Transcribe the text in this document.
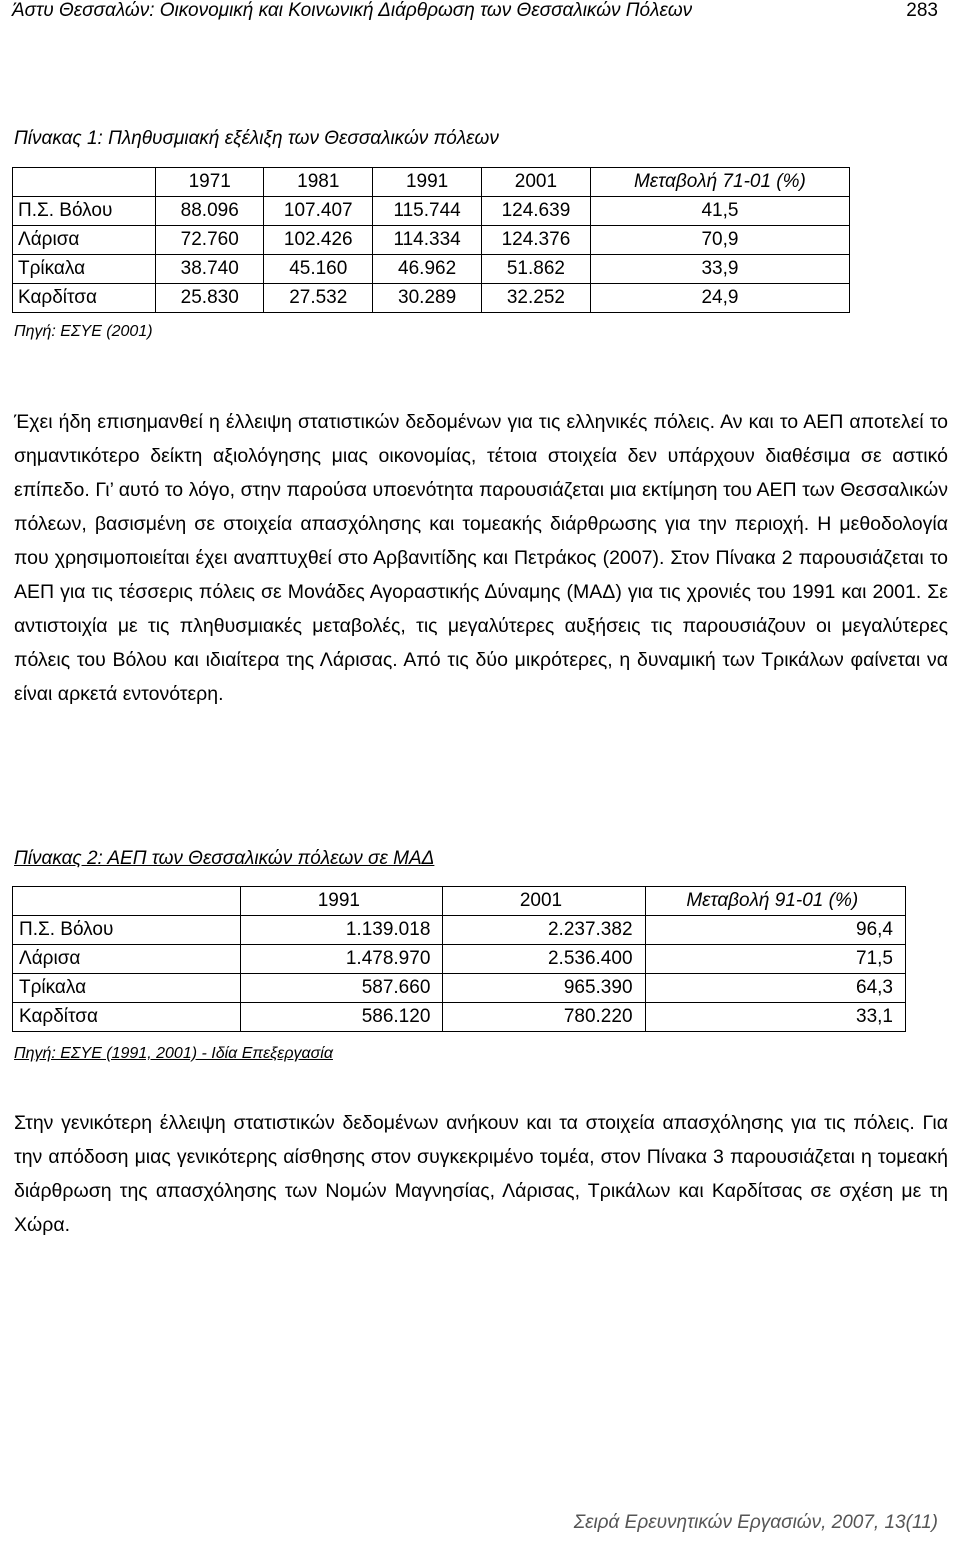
Άστυ Θεσσαλών: Οικονομική και Κοινωνική Διάρθρωση των Θεσσαλικών Πόλεων	283
Πίνακας 1: Πληθυσμιακή εξέλιξη των Θεσσαλικών πόλεων
	1971	1981	1991	2001	Μεταβολή 71-01 (%)
Π.Σ. Βόλου	88.096	107.407	115.744	124.639	41,5
Λάρισα	72.760	102.426	114.334	124.376	70,9
Τρίκαλα	38.740	45.160	46.962	51.862	33,9
Καρδίτσα	25.830	27.532	30.289	32.252	24,9
Πηγή: ΕΣΥΕ (2001)
Έχει ήδη επισημανθεί η έλλειψη στατιστικών δεδομένων για τις ελληνικές πόλεις. Αν και το ΑΕΠ αποτελεί το σημαντικότερο δείκτη αξιολόγησης μιας οικονομίας, τέτοια στοιχεία δεν υπάρχουν διαθέσιμα σε αστικό επίπεδο. Γι’ αυτό το λόγο, στην παρούσα υποενότητα παρουσιάζεται μια εκτίμηση του ΑΕΠ των Θεσσαλικών πόλεων, βασισμένη σε στοιχεία απασχόλησης και τομεακής διάρθρωσης για την περιοχή. Η μεθοδολογία που χρησιμοποιείται έχει αναπτυχθεί στο Αρβανιτίδης και Πετράκος (2007). Στον Πίνακα 2 παρουσιάζεται το ΑΕΠ για τις τέσσερις πόλεις σε Μονάδες Αγοραστικής Δύναμης (ΜΑΔ) για τις χρονιές του 1991 και 2001. Σε αντιστοιχία με τις πληθυσμιακές μεταβολές, τις μεγαλύτερες αυξήσεις τις παρουσιάζουν οι μεγαλύτερες πόλεις του Βόλου και ιδιαίτερα της Λάρισας. Από τις δύο μικρότερες, η δυναμική των Τρικάλων φαίνεται να είναι αρκετά εντονότερη.
Πίνακας 2: ΑΕΠ των Θεσσαλικών πόλεων σε ΜΑΔ
	1991	2001	Μεταβολή 91-01 (%)
Π.Σ. Βόλου	1.139.018	2.237.382	96,4
Λάρισα	1.478.970	2.536.400	71,5
Τρίκαλα	587.660	965.390	64,3
Καρδίτσα	586.120	780.220	33,1
Πηγή: ΕΣΥΕ (1991, 2001) - Ιδία Επεξεργασία
Στην γενικότερη έλλειψη στατιστικών δεδομένων ανήκουν και τα στοιχεία απασχόλησης για τις πόλεις. Για την απόδοση μιας γενικότερης αίσθησης στον συγκεκριμένο τομέα, στον Πίνακα 3 παρουσιάζεται η τομεακή διάρθρωση της απασχόλησης των Νομών Μαγνησίας, Λάρισας, Τρικάλων και Καρδίτσας σε σχέση με τη Χώρα.
Σειρά Ερευνητικών Εργασιών, 2007, 13(11)
